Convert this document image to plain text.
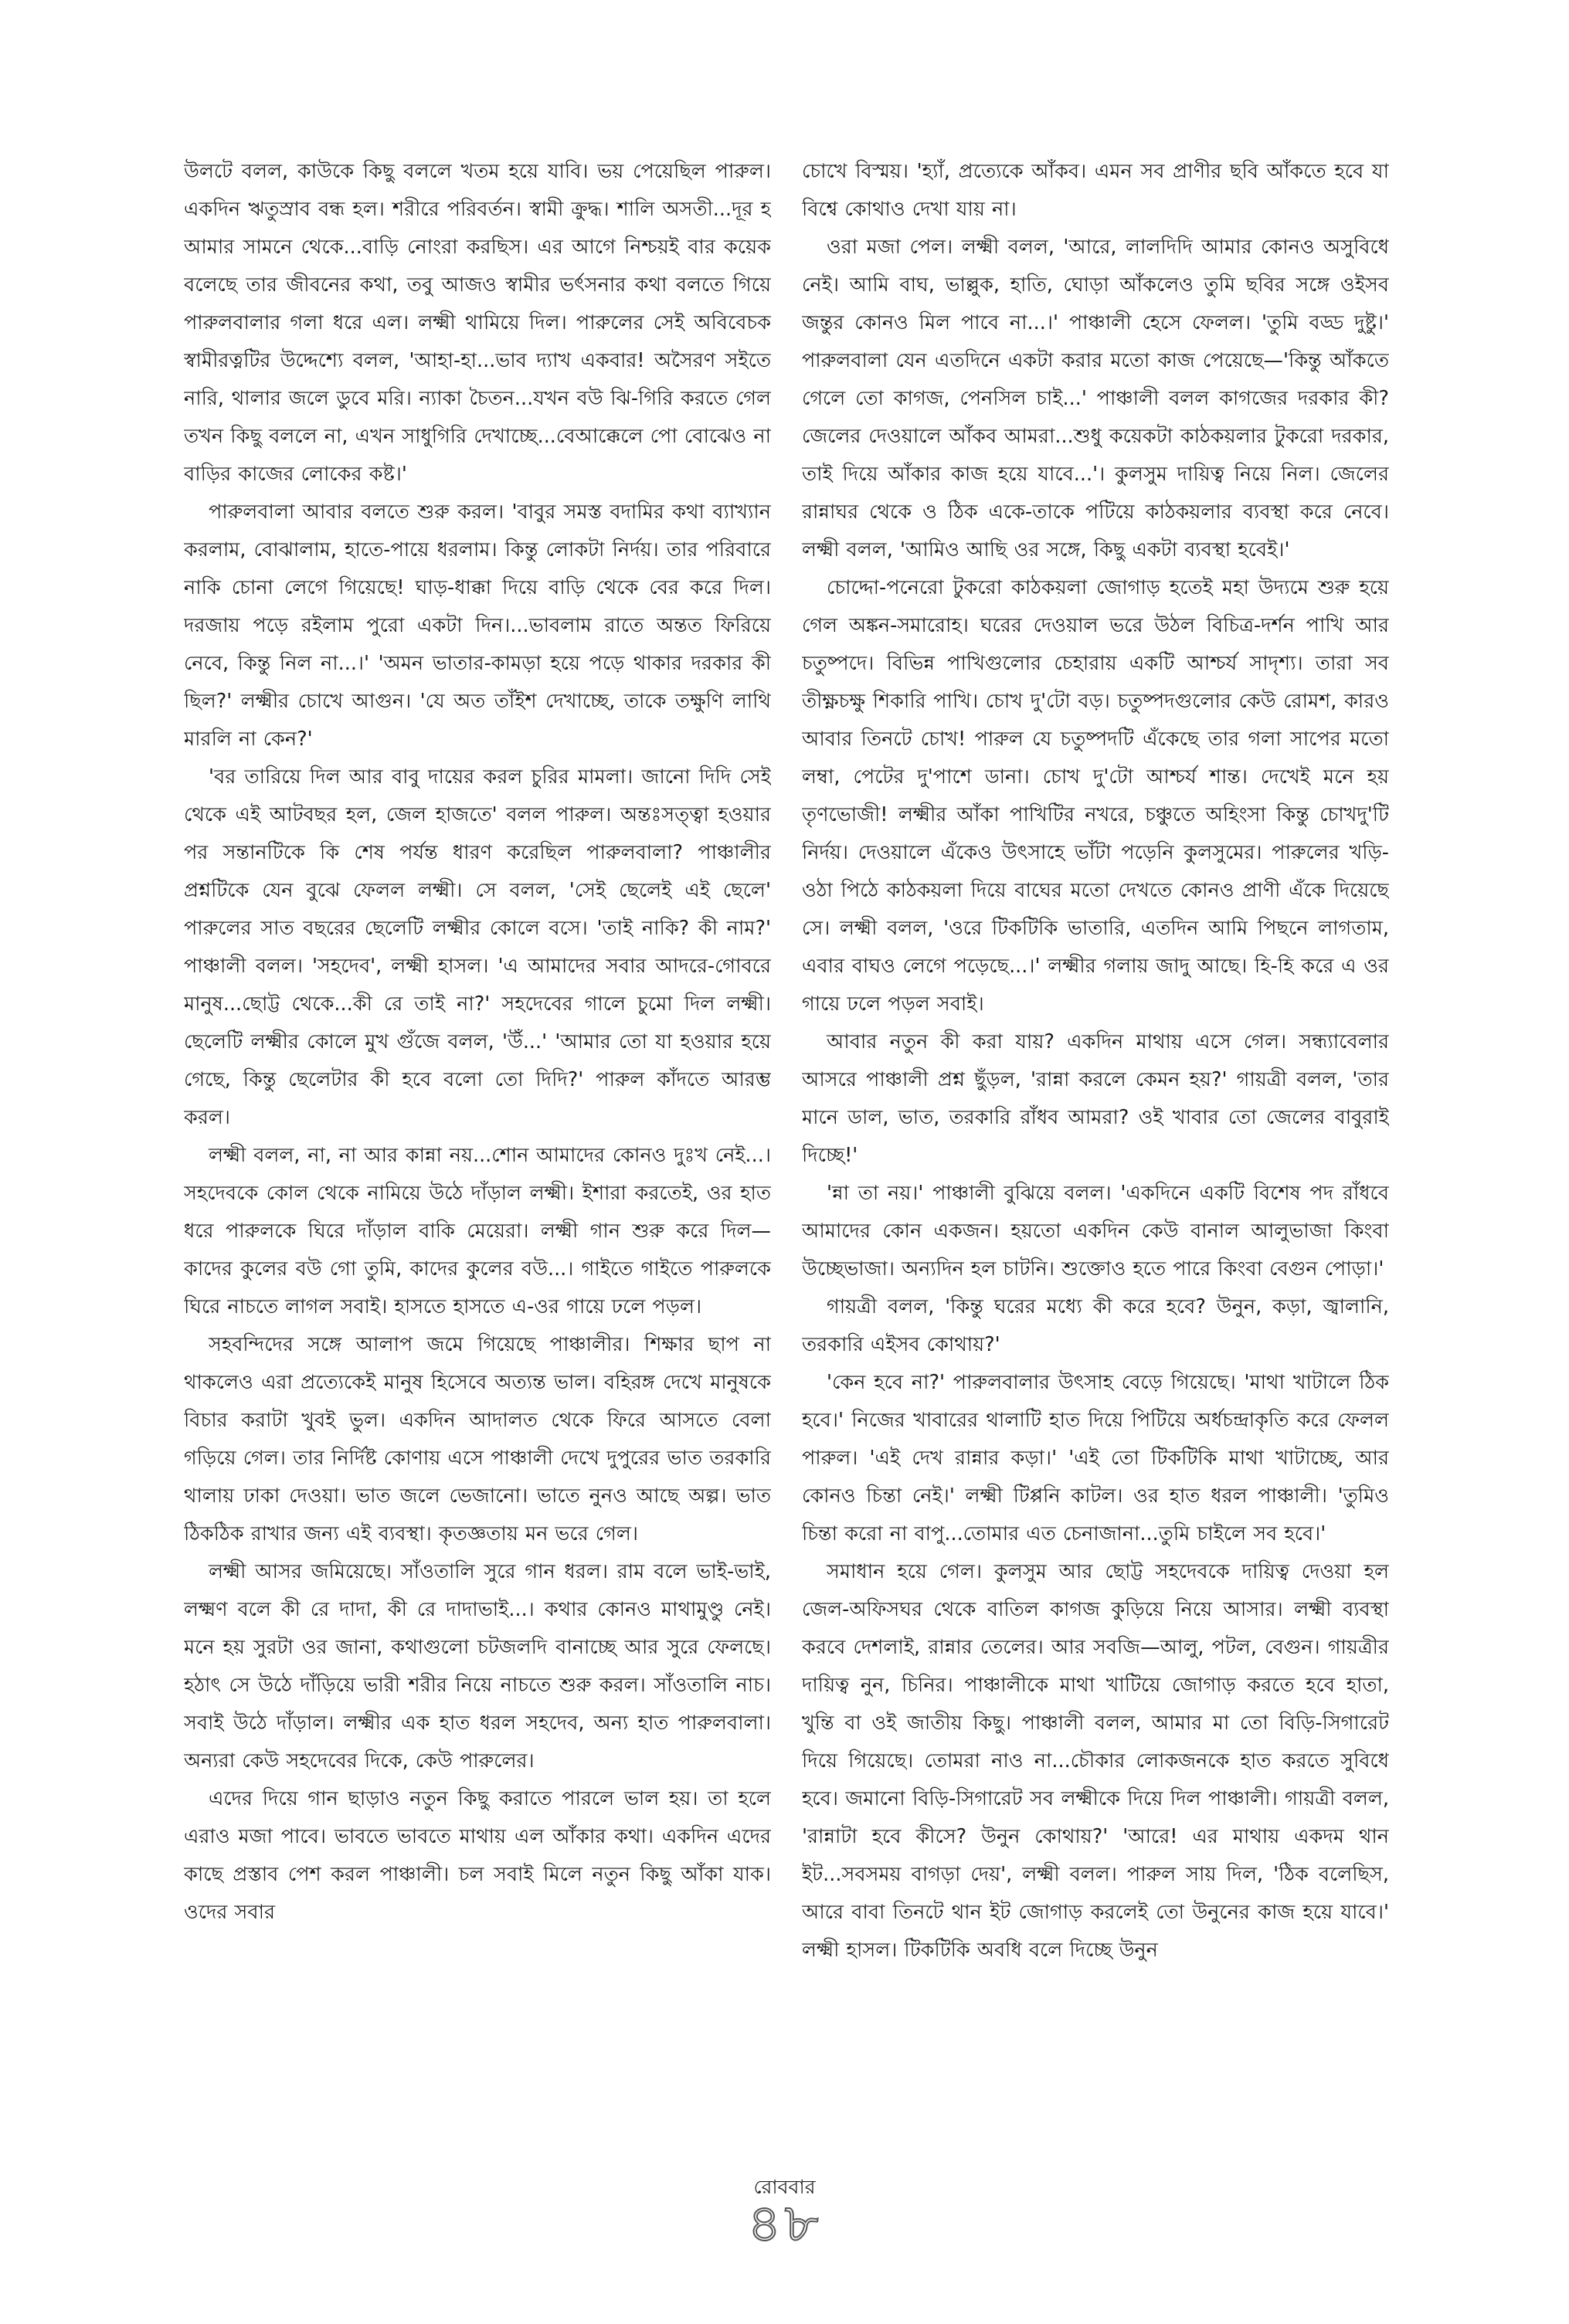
উলটে বলল, কাউকে কিছু বললে খতম হয়ে যাবি। ভয় পেয়েছিল পারুল। একদিন ঋতুস্রাব বন্ধ হল। শরীরে পরিবর্তন। স্বামী ক্রুদ্ধ। শালি অসতী...দূর হ আমার সামনে থেকে...বাড়ি নোংরা করছিস। এর আগে নিশ্চয়ই বার কয়েক বলেছে তার জীবনের কথা, তবু আজও স্বামীর ভর্ৎসনার কথা বলতে গিয়ে পারুলবালার গলা ধরে এল। লক্ষ্মী থামিয়ে দিল। পারুলের সেই অবিবেচক স্বামীরত্নটির উদ্দেশ্যে বলল, 'আহা-হা...ভাব দ্যাখ একবার! অসৈরণ সইতে নারি, থালার জলে ডুবে মরি। ন্যাকা চৈতন...যখন বউ ঝি-গিরি করতে গেল তখন কিছু বললে না, এখন সাধুগিরি দেখাচ্ছে...বেআক্কেলে পো বোঝেও না বাড়ির কাজের লোকের কষ্ট।'

পারুলবালা আবার বলতে শুরু করল। 'বাবুর সমস্ত বদামির কথা ব্যাখ্যান করলাম, বোঝালাম, হাতে-পায়ে ধরলাম। কিন্তু লোকটা নির্দয়। তার পরিবারে নাকি চোনা লেগে গিয়েছে! ঘাড়-ধাক্কা দিয়ে বাড়ি থেকে বের করে দিল। দরজায় পড়ে রইলাম পুরো একটা দিন।...ভাবলাম রাতে অন্তত ফিরিয়ে নেবে, কিন্তু নিল না...।' 'অমন ভাতার-কামড়া হয়ে পড়ে থাকার দরকার কী ছিল?' লক্ষ্মীর চোখে আগুন। 'যে অত তাঁইশ দেখাচ্ছে, তাকে তক্ষুণি লাথি মারলি না কেন?'

'বর তারিয়ে দিল আর বাবু দায়ের করল চুরির মামলা। জানো দিদি সেই থেকে এই আটবছর হল, জেল হাজতে' বলল পারুল। অন্তঃসত্ত্বা হওয়ার পর সন্তানটিকে কি শেষ পর্যন্ত ধারণ করেছিল পারুলবালা? পাঞ্চালীর প্রশ্নটিকে যেন বুঝে ফেলল লক্ষ্মী। সে বলল, 'সেই ছেলেই এই ছেলে' পারুলের সাত বছরের ছেলেটি লক্ষ্মীর কোলে বসে। 'তাই নাকি? কী নাম?' পাঞ্চালী বলল। 'সহদেব', লক্ষ্মী হাসল। 'এ আমাদের সবার আদরে-গোবরে মানুষ...ছোট্ট থেকে...কী রে তাই না?' সহদেবের গালে চুমো দিল লক্ষ্মী। ছেলেটি লক্ষ্মীর কোলে মুখ গুঁজে বলল, 'উঁ...' 'আমার তো যা হওয়ার হয়ে গেছে, কিন্তু ছেলেটার কী হবে বলো তো দিদি?' পারুল কাঁদতে আরম্ভ করল।

লক্ষ্মী বলল, না, না আর কান্না নয়...শোন আমাদের কোনও দুঃখ নেই...। সহদেবকে কোল থেকে নামিয়ে উঠে দাঁড়াল লক্ষ্মী। ইশারা করতেই, ওর হাত ধরে পারুলকে ঘিরে দাঁড়াল বাকি মেয়েরা। লক্ষ্মী গান শুরু করে দিল—কাদের কুলের বউ গো তুমি, কাদের কুলের বউ...। গাইতে গাইতে পারুলকে ঘিরে নাচতে লাগল সবাই। হাসতে হাসতে এ-ওর গায়ে ঢলে পড়ল।

সহবন্দিদের সঙ্গে আলাপ জমে গিয়েছে পাঞ্চালীর। শিক্ষার ছাপ না থাকলেও এরা প্রত্যেকেই মানুষ হিসেবে অত্যন্ত ভাল। বহিরঙ্গ দেখে মানুষকে বিচার করাটা খুবই ভুল। একদিন আদালত থেকে ফিরে আসতে বেলা গড়িয়ে গেল। তার নির্দিষ্ট কোণায় এসে পাঞ্চালী দেখে দুপুরের ভাত তরকারি থালায় ঢাকা দেওয়া। ভাত জলে ভেজানো। ভাতে নুনও আছে অল্প। ভাত ঠিকঠিক রাখার জন্য এই ব্যবস্থা। কৃতজ্ঞতায় মন ভরে গেল।

লক্ষ্মী আসর জমিয়েছে। সাঁওতালি সুরে গান ধরল। রাম বলে ভাই-ভাই, লক্ষ্মণ বলে কী রে দাদা, কী রে দাদাভাই...। কথার কোনও মাথামুণ্ডু নেই। মনে হয় সুরটা ওর জানা, কথাগুলো চটজলদি বানাচ্ছে আর সুরে ফেলছে। হঠাৎ সে উঠে দাঁড়িয়ে ভারী শরীর নিয়ে নাচতে শুরু করল। সাঁওতালি নাচ। সবাই উঠে দাঁড়াল। লক্ষ্মীর এক হাত ধরল সহদেব, অন্য হাত পারুলবালা। অন্যরা কেউ সহদেবের দিকে, কেউ পারুলের।

এদের দিয়ে গান ছাড়াও নতুন কিছু করাতে পারলে ভাল হয়। তা হলে এরাও মজা পাবে। ভাবতে ভাবতে মাথায় এল আঁকার কথা। একদিন এদের কাছে প্রস্তাব পেশ করল পাঞ্চালী। চল সবাই মিলে নতুন কিছু আঁকা যাক। ওদের সবার

চোখে বিস্ময়। 'হ্যাঁ, প্রত্যেকে আঁকব। এমন সব প্রাণীর ছবি আঁকতে হবে যা বিশ্বে কোথাও দেখা যায় না।

ওরা মজা পেল। লক্ষ্মী বলল, 'আরে, লালদিদি আমার কোনও অসুবিধে নেই। আমি বাঘ, ভাল্লুক, হাতি, ঘোড়া আঁকলেও তুমি ছবির সঙ্গে ওইসব জন্তুর কোনও মিল পাবে না...।' পাঞ্চালী হেসে ফেলল। 'তুমি বড্ড দুষ্টু।' পারুলবালা যেন এতদিনে একটা করার মতো কাজ পেয়েছে—'কিন্তু আঁকতে গেলে তো কাগজ, পেনসিল চাই...' পাঞ্চালী বলল কাগজের দরকার কী? জেলের দেওয়ালে আঁকব আমরা...শুধু কয়েকটা কাঠকয়লার টুকরো দরকার, তাই দিয়ে আঁকার কাজ হয়ে যাবে...'। কুলসুম দায়িত্ব নিয়ে নিল। জেলের রান্নাঘর থেকে ও ঠিক একে-তাকে পটিয়ে কাঠকয়লার ব্যবস্থা করে নেবে। লক্ষ্মী বলল, 'আমিও আছি ওর সঙ্গে, কিছু একটা ব্যবস্থা হবেই।'

চোদ্দো-পনেরো টুকরো কাঠকয়লা জোগাড় হতেই মহা উদ্যমে শুরু হয়ে গেল অঙ্কন-সমারোহ। ঘরের দেওয়াল ভরে উঠল বিচিত্র-দর্শন পাখি আর চতুষ্পদে। বিভিন্ন পাখিগুলোর চেহারায় একটি আশ্চর্য সাদৃশ্য। তারা সব তীক্ষ্ণচক্ষু শিকারি পাখি। চোখ দু'টো বড়। চতুষ্পদগুলোর কেউ রোমশ, কারও আবার তিনটে চোখ! পারুল যে চতুষ্পদটি এঁকেছে তার গলা সাপের মতো লম্বা, পেটের দু'পাশে ডানা। চোখ দু'টো আশ্চর্য শান্ত। দেখেই মনে হয় তৃণভোজী! লক্ষ্মীর আঁকা পাখিটির নখরে, চঞ্চুতে অহিংসা কিন্তু চোখদু'টি নির্দয়। দেওয়ালে এঁকেও উৎসাহে ভাঁটা পড়েনি কুলসুমের। পারুলের খড়ি-ওঠা পিঠে কাঠকয়লা দিয়ে বাঘের মতো দেখতে কোনও প্রাণী এঁকে দিয়েছে সে। লক্ষ্মী বলল, 'ওরে টিকটিকি ভাতারি, এতদিন আমি পিছনে লাগতাম, এবার বাঘও লেগে পড়েছে...।' লক্ষ্মীর গলায় জাদু আছে। হি-হি করে এ ওর গায়ে ঢলে পড়ল সবাই।

আবার নতুন কী করা যায়? একদিন মাথায় এসে গেল। সন্ধ্যাবেলার আসরে পাঞ্চালী প্রশ্ন ছুঁড়ল, 'রান্না করলে কেমন হয়?' গায়ত্রী বলল, 'তার মানে ডাল, ভাত, তরকারি রাঁধব আমরা? ওই খাবার তো জেলের বাবুরাই দিচ্ছে!'

'ন্না তা নয়।' পাঞ্চালী বুঝিয়ে বলল। 'একদিনে একটি বিশেষ পদ রাঁধবে আমাদের কোন একজন। হয়তো একদিন কেউ বানাল আলুভাজা কিংবা উচ্ছেভাজা। অন্যদিন হল চাটনি। শুক্তোও হতে পারে কিংবা বেগুন পোড়া।'

গায়ত্রী বলল, 'কিন্তু ঘরের মধ্যে কী করে হবে? উনুন, কড়া, জ্বালানি, তরকারি এইসব কোথায়?'

'কেন হবে না?' পারুলবালার উৎসাহ বেড়ে গিয়েছে। 'মাথা খাটালে ঠিক হবে।' নিজের খাবারের থালাটি হাত দিয়ে পিটিয়ে অর্ধচন্দ্রাকৃতি করে ফেলল পারুল। 'এই দেখ রান্নার কড়া।' 'এই তো টিকটিকি মাথা খাটাচ্ছে, আর কোনও চিন্তা নেই।' লক্ষ্মী টিপ্পনি কাটল। ওর হাত ধরল পাঞ্চালী। 'তুমিও চিন্তা করো না বাপু...তোমার এত চেনাজানা...তুমি চাইলে সব হবে।'

সমাধান হয়ে গেল। কুলসুম আর ছোট্ট সহদেবকে দায়িত্ব দেওয়া হল জেল-অফিসঘর থেকে বাতিল কাগজ কুড়িয়ে নিয়ে আসার। লক্ষ্মী ব্যবস্থা করবে দেশলাই, রান্নার তেলের। আর সবজি—আলু, পটল, বেগুন। গায়ত্রীর দায়িত্ব নুন, চিনির। পাঞ্চালীকে মাথা খাটিয়ে জোগাড় করতে হবে হাতা, খুন্তি বা ওই জাতীয় কিছু। পাঞ্চালী বলল, আমার মা তো বিড়ি-সিগারেট দিয়ে গিয়েছে। তোমরা নাও না...চৌকার লোকজনকে হাত করতে সুবিধে হবে। জমানো বিড়ি-সিগারেট সব লক্ষ্মীকে দিয়ে দিল পাঞ্চালী। গায়ত্রী বলল, 'রান্নাটা হবে কীসে? উনুন কোথায়?' 'আরে! এর মাথায় একদম থান ইট...সবসময় বাগড়া দেয়', লক্ষ্মী বলল। পারুল সায় দিল, 'ঠিক বলেছিস, আরে বাবা তিনটে থান ইট জোগাড় করলেই তো উনুনের কাজ হয়ে যাবে।' লক্ষ্মী হাসল। টিকটিকি অবধি বলে দিচ্ছে উনুন

রোববার
৪৮
